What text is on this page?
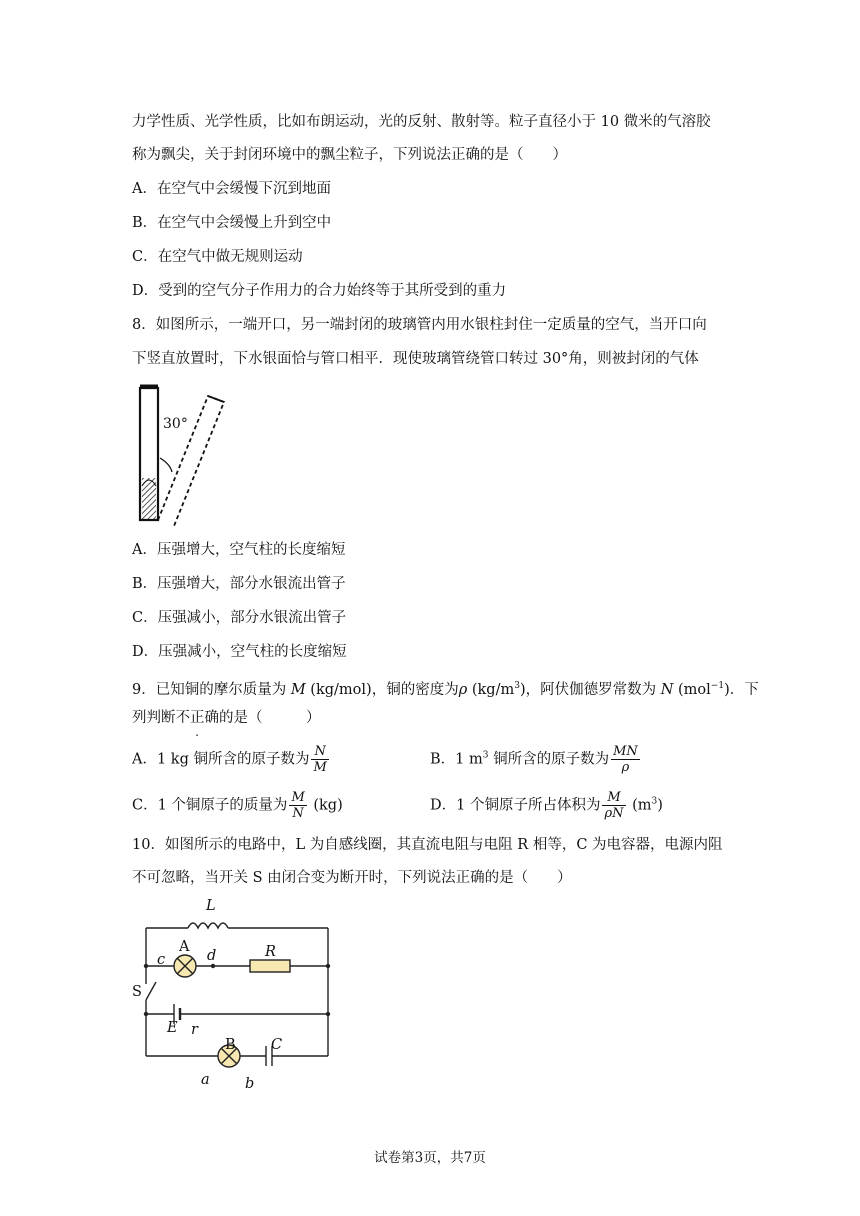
力学性质、光学性质，比如布朗运动，光的反射、散射等。粒子直径小于 10 微米的气溶胶
称为飘尖，关于封闭环境中的飘尘粒子，下列说法正确的是（　　）
A．在空气中会缓慢下沉到地面
B．在空气中会缓慢上升到空中
C．在空气中做无规则运动
D．受到的空气分子作用力的合力始终等于其所受到的重力
8．如图所示，一端开口，另一端封闭的玻璃管内用水银柱封住一定质量的空气，当开口向
下竖直放置时，下水银面恰与管口相平．现使玻璃管绕管口转过 30°角，则被封闭的气体
30°
A．压强增大，空气柱的长度缩短
B．压强增大，部分水银流出管子
C．压强减小，部分水银流出管子
D．压强减小，空气柱的长度缩短
9．已知铜的摩尔质量为 M (kg/mol)，铜的密度为ρ $(kg/m^3)$，阿伏伽德罗常数为 N (mol$^{-1}$)．下
列判断不正确的是（　　　）
A．1 kg 铜所含的原子数为 $\frac{N}{M}$	B．1 $m^3$ 铜所含的原子数为 $\frac{MN}{\rho}$
C．1 个铜原子的质量为 $\frac{M}{N} (kg)$	D．1 个铜原子所占体积为 $\frac{M}{\rho N} (m^3)$
10．如图所示的电路中，L 为自感线圈，其直流电阻与电阻 R 相等，C 为电容器，电源内阻
不可忽略，当开关 S 由闭合变为断开时，下列说法正确的是（　　）
L
A
c	d	R
S
E r
B C
a b
试卷第3页，共7页
